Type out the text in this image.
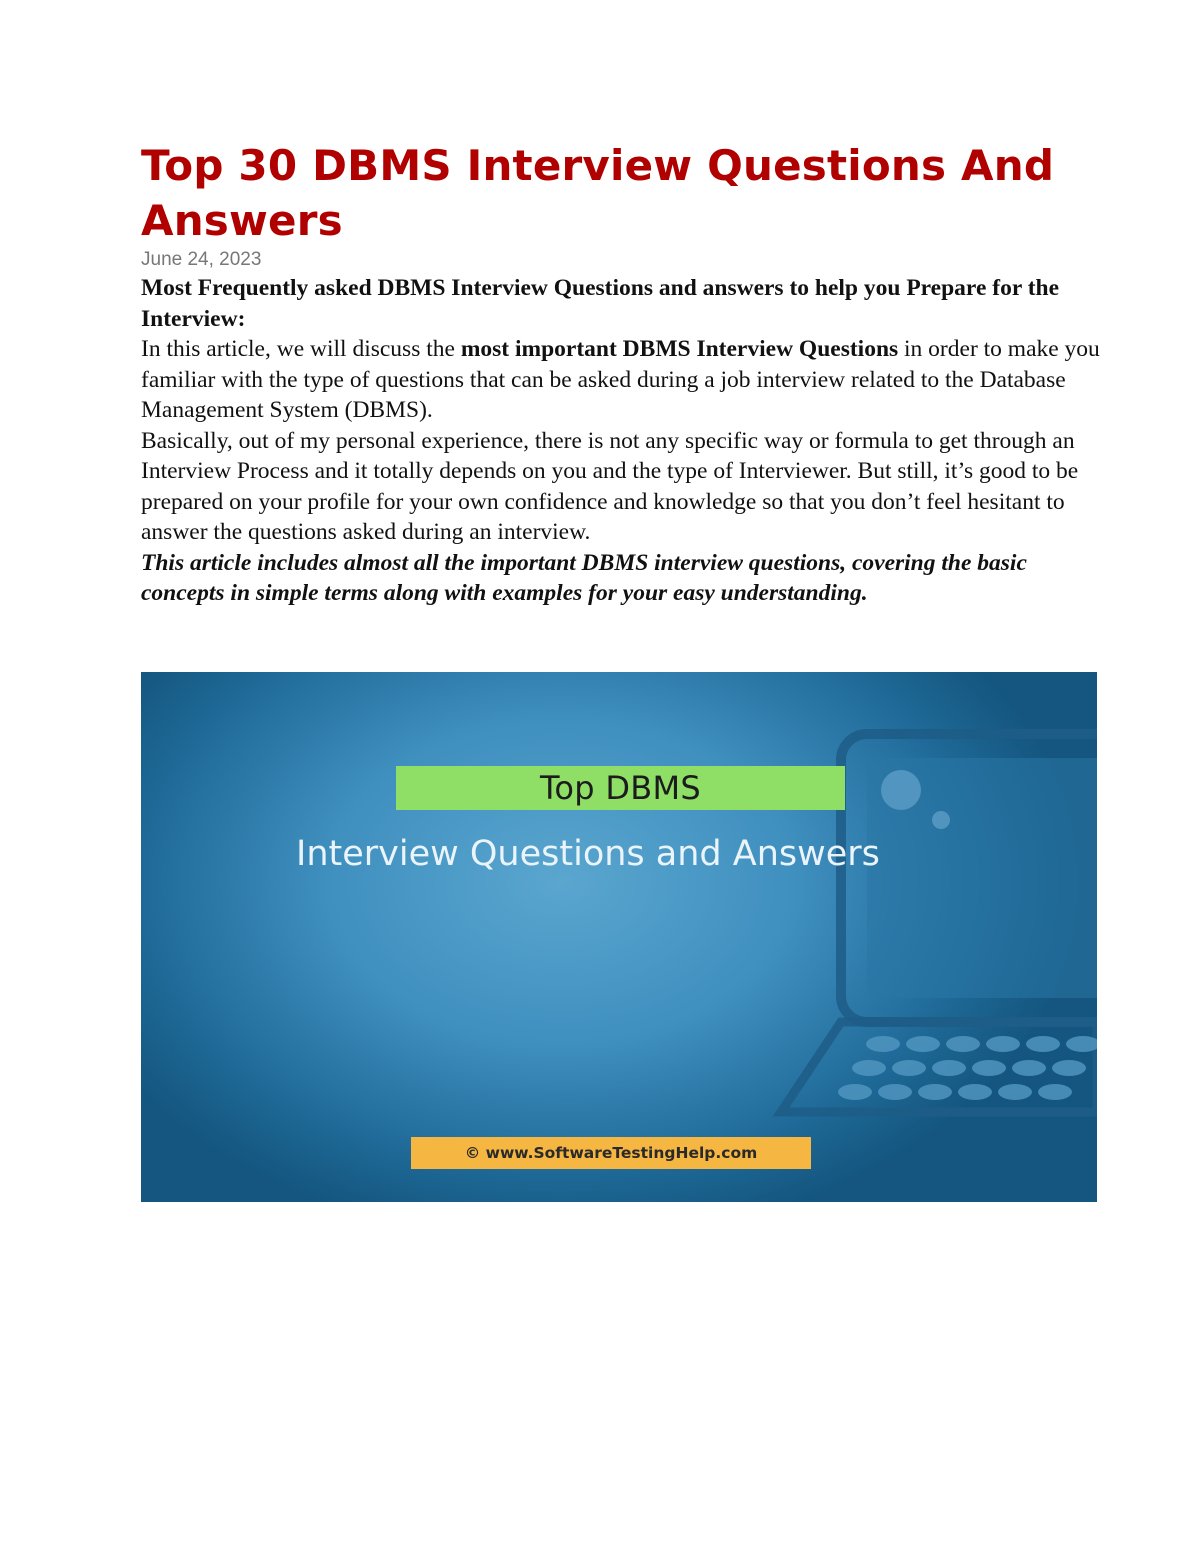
Top 30 DBMS Interview Questions And Answers
June 24, 2023

Most Frequently asked DBMS Interview Questions and answers to help you Prepare for the Interview:

In this article, we will discuss the most important DBMS Interview Questions in order to make you familiar with the type of questions that can be asked during a job interview related to the Database Management System (DBMS).

Basically, out of my personal experience, there is not any specific way or formula to get through an Interview Process and it totally depends on you and the type of Interviewer. But still, it’s good to be prepared on your profile for your own confidence and knowledge so that you don’t feel hesitant to answer the questions asked during an interview.

This article includes almost all the important DBMS interview questions, covering the basic concepts in simple terms along with examples for your easy understanding.

Top DBMS
Interview Questions and Answers
© www.SoftwareTestingHelp.com
